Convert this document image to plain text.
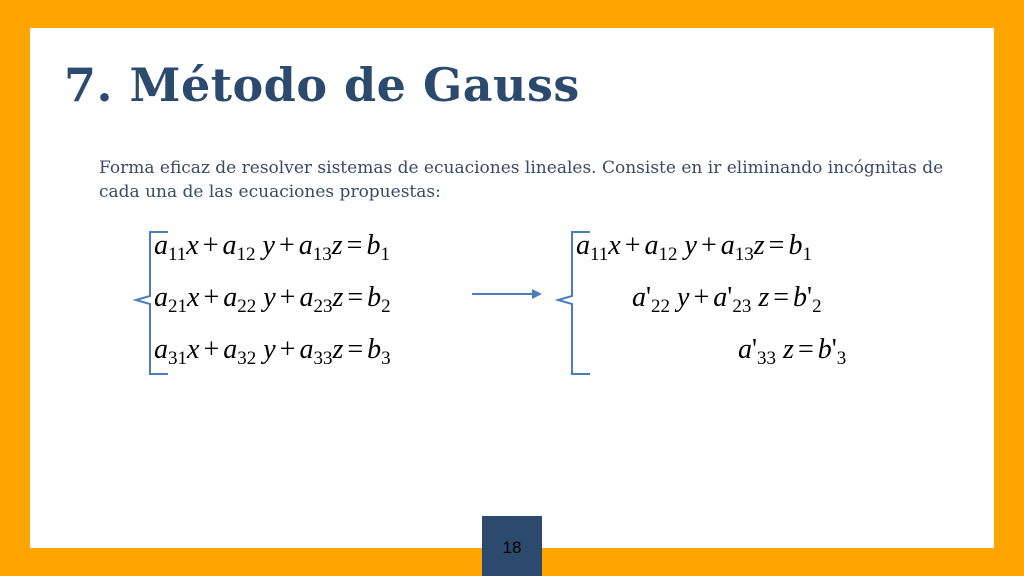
7. Método de Gauss
Forma eficaz de resolver sistemas de ecuaciones lineales. Consiste en ir eliminando incógnitas de cada una de las ecuaciones propuestas:
$a_{11}x + a_{12}$ $y + a_{13}z = b_1$
$a_{21}x + a_{22}$ $y + a_{23}z = b_2$
$a_{31}x + a_{32}$ $y + a_{33}z = b_3$
$a_{11}x + a_{12}$ $y + a_{13}z = b_1$
$a'_{22}$ $y + a'_{23}$ $z = b'_2$
$a'_{33}$ $z = b'_3$
18
